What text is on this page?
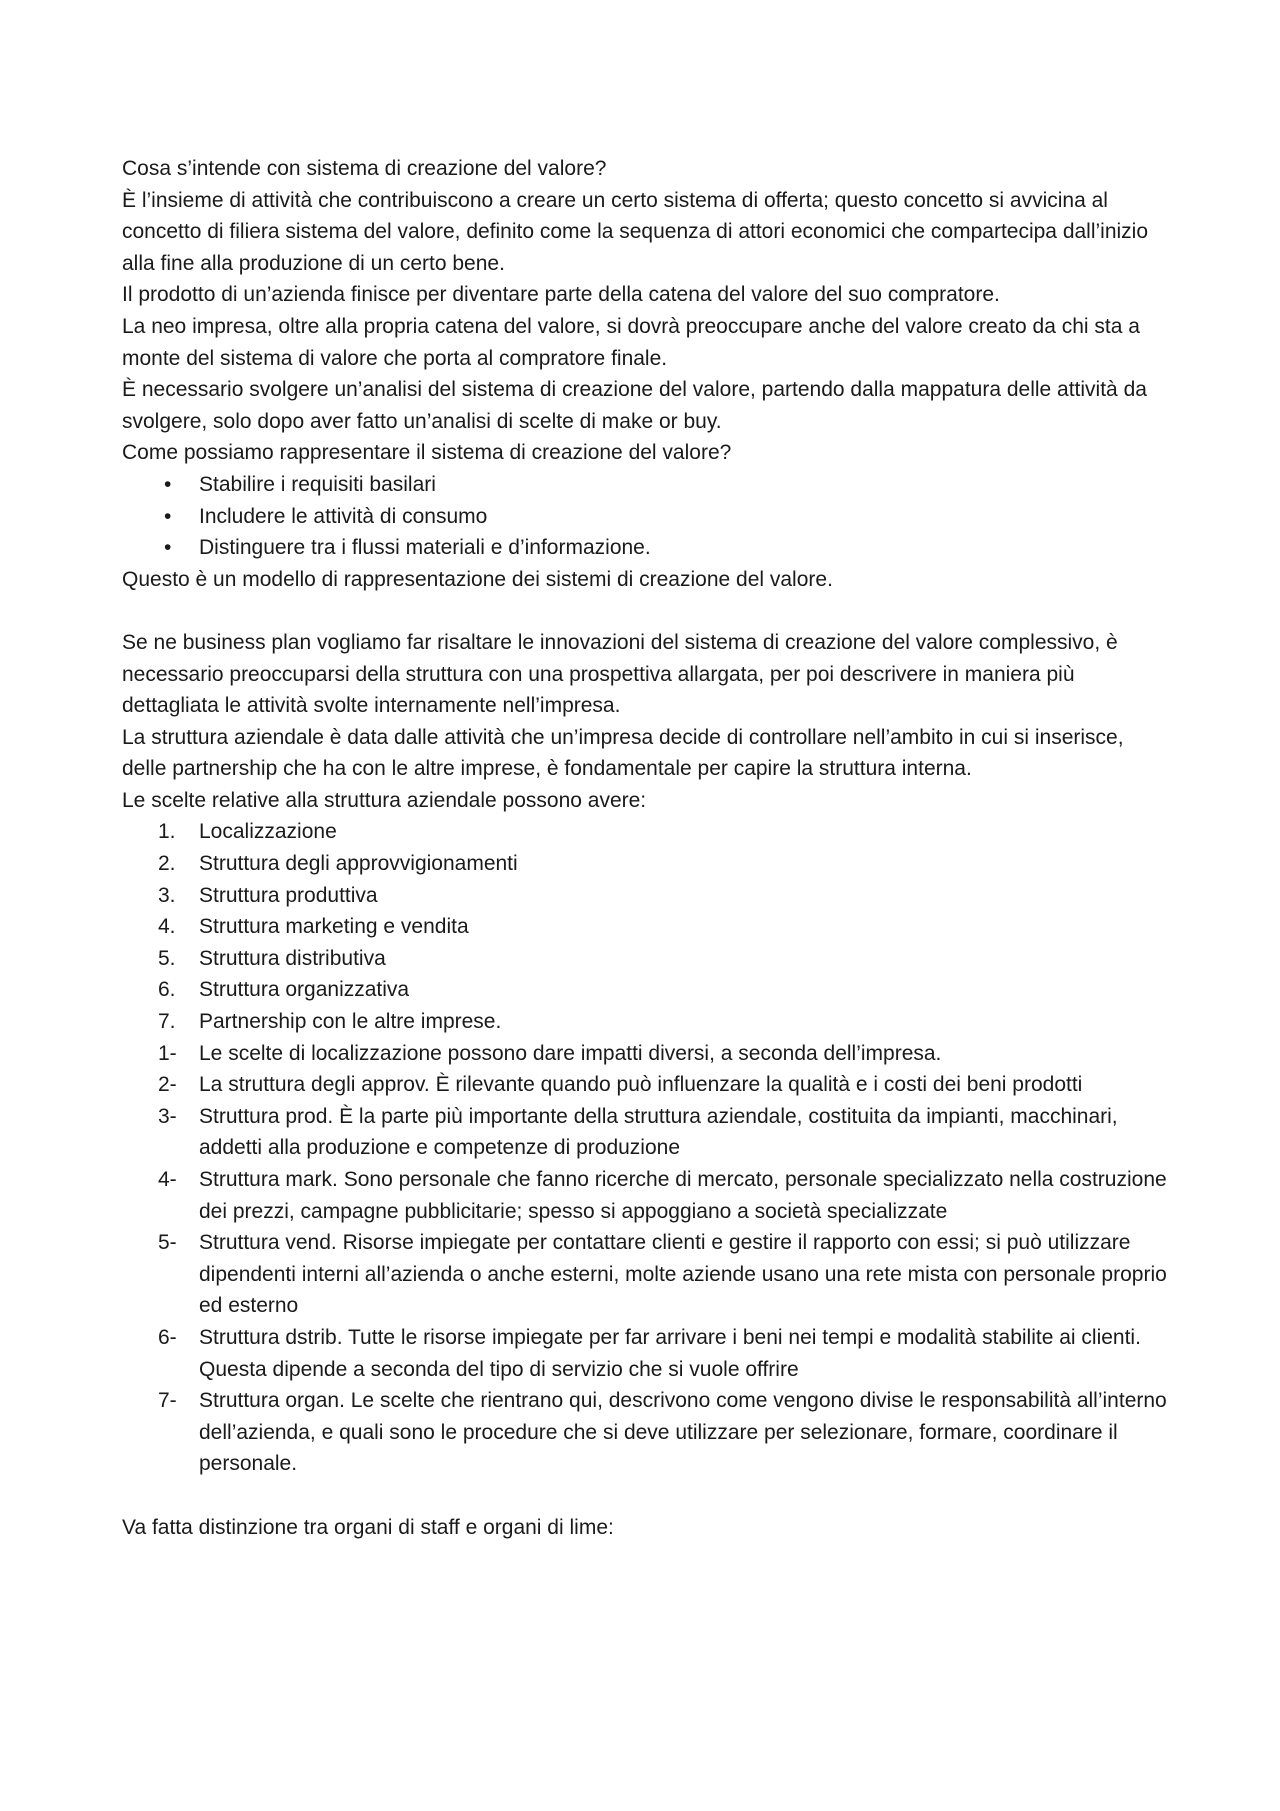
Cosa s’intende con sistema di creazione del valore?

È l’insieme di attività che contribuiscono a creare un certo sistema di offerta; questo concetto si avvicina al concetto di filiera sistema del valore, definito come la sequenza di attori economici che compartecipa dall’inizio alla fine alla produzione di un certo bene.

Il prodotto di un’azienda finisce per diventare parte della catena del valore del suo compratore.

La neo impresa, oltre alla propria catena del valore, si dovrà preoccupare anche del valore creato da chi sta a monte del sistema di valore che porta al compratore finale.

È necessario svolgere un’analisi del sistema di creazione del valore, partendo dalla mappatura delle attività da svolgere, solo dopo aver fatto un’analisi di scelte di make or buy.

Come possiamo rappresentare il sistema di creazione del valore?

•	Stabilire i requisiti basilari
•	Includere le attività di consumo
•	Distinguere tra i flussi materiali e d’informazione.

Questo è un modello di rappresentazione dei sistemi di creazione del valore.

Se ne business plan vogliamo far risaltare le innovazioni del sistema di creazione del valore complessivo, è necessario preoccuparsi della struttura con una prospettiva allargata, per poi descrivere in maniera più dettagliata le attività svolte internamente nell’impresa.

La struttura aziendale è data dalle attività che un’impresa decide di controllare nell’ambito in cui si inserisce, delle partnership che ha con le altre imprese, è fondamentale per capire la struttura interna.

Le scelte relative alla struttura aziendale possono avere:

1.	Localizzazione
2.	Struttura degli approvvigionamenti
3.	Struttura produttiva
4.	Struttura marketing e vendita
5.	Struttura distributiva
6.	Struttura organizzativa
7.	Partnership con le altre imprese.
1-	Le scelte di localizzazione possono dare impatti diversi, a seconda dell’impresa.
2-	La struttura degli approv. È rilevante quando può influenzare la qualità e i costi dei beni prodotti
3-	Struttura prod. È la parte più importante della struttura aziendale, costituita da impianti, macchinari, addetti alla produzione e competenze di produzione
4-	Struttura mark. Sono personale che fanno ricerche di mercato, personale specializzato nella costruzione dei prezzi, campagne pubblicitarie; spesso si appoggiano a società specializzate
5-	Struttura vend. Risorse impiegate per contattare clienti e gestire il rapporto con essi; si può utilizzare dipendenti interni all’azienda o anche esterni, molte aziende usano una rete mista con personale proprio ed esterno
6-	Struttura dstrib. Tutte le risorse impiegate per far arrivare i beni nei tempi e modalità stabilite ai clienti. Questa dipende a seconda del tipo di servizio che si vuole offrire
7-	Struttura organ. Le scelte che rientrano qui, descrivono come vengono divise le responsabilità all’interno dell’azienda, e quali sono le procedure che si deve utilizzare per selezionare, formare, coordinare il personale.

Va fatta distinzione tra organi di staff e organi di lime:
